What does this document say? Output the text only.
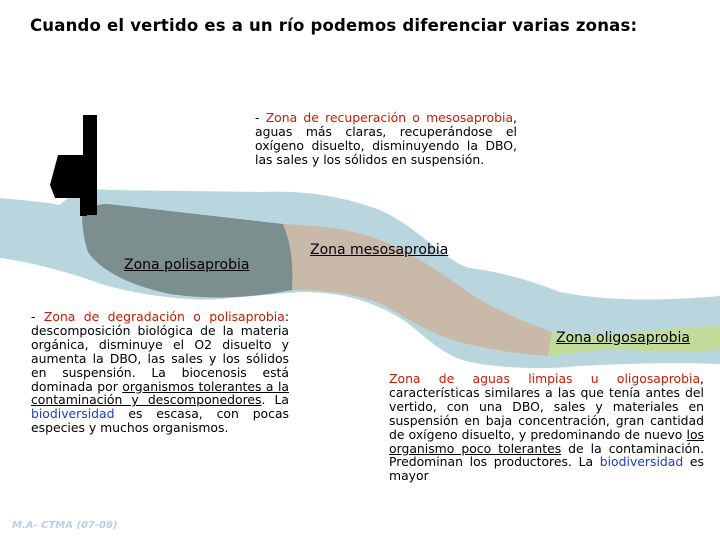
Cuando el vertido es a un río podemos diferenciar varias zonas:
Zona polisaprobia
Zona mesosaprobia
Zona oligosaprobia
- Zona de recuperación o mesosaprobia, aguas más claras, recuperándose el oxígeno disuelto, disminuyendo la DBO, las sales y los sólidos en suspensión.
- Zona de degradación o polisaprobia: descomposición biológica de la materia orgánica, disminuye el O2 disuelto y aumenta la DBO, las sales y los sólidos en suspensión. La biocenosis está dominada por organismos tolerantes a la contaminación y descomponedores. La biodiversidad es escasa, con pocas especies y muchos organismos.
Zona de aguas limpias u oligosaprobia, características similares a las que tenía antes del vertido, con una DBO, sales y materiales en suspensión en baja concentración, gran cantidad de oxígeno disuelto, y predominando de nuevo los organismo poco tolerantes de la contaminación. Predominan los productores. La biodiversidad es mayor
M.A- CTMA (07-08)
